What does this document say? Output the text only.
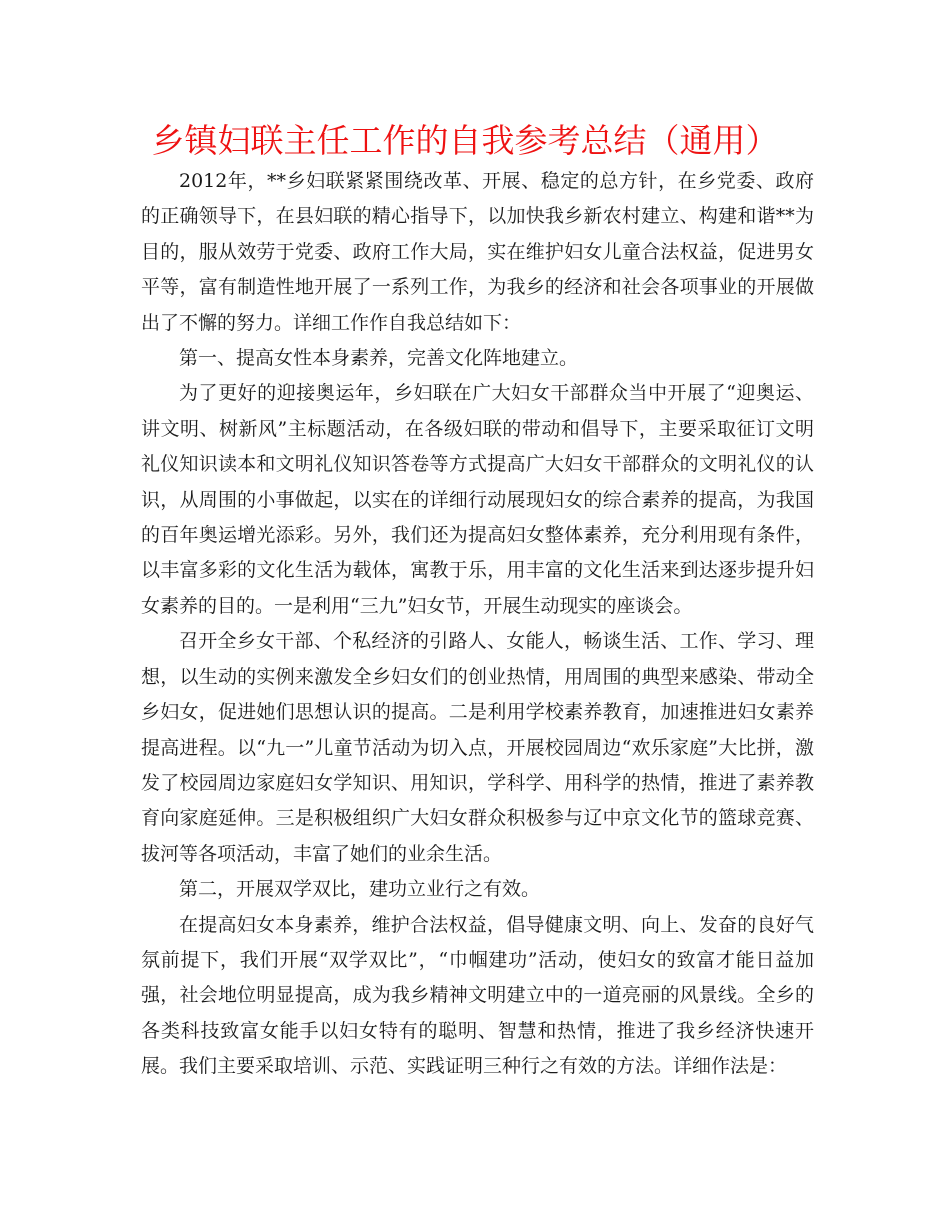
乡镇妇联主任工作的自我参考总结（通用）

2012年，**乡妇联紧紧围绕改革、开展、稳定的总方针，在乡党委、政府的正确领导下，在县妇联的精心指导下，以加快我乡新农村建立、构建和谐**为目的，服从效劳于党委、政府工作大局，实在维护妇女儿童合法权益，促进男女平等，富有制造性地开展了一系列工作，为我乡的经济和社会各项事业的开展做出了不懈的努力。详细工作作自我总结如下：

第一、提高女性本身素养，完善文化阵地建立。

为了更好的迎接奥运年，乡妇联在广大妇女干部群众当中开展了“迎奥运、讲文明、树新风”主标题活动，在各级妇联的带动和倡导下，主要采取征订文明礼仪知识读本和文明礼仪知识答卷等方式提高广大妇女干部群众的文明礼仪的认识，从周围的小事做起，以实在的详细行动展现妇女的综合素养的提高，为我国的百年奥运增光添彩。另外，我们还为提高妇女整体素养，充分利用现有条件，以丰富多彩的文化生活为载体，寓教于乐，用丰富的文化生活来到达逐步提升妇女素养的目的。一是利用“三九”妇女节，开展生动现实的座谈会。

召开全乡女干部、个私经济的引路人、女能人，畅谈生活、工作、学习、理想，以生动的实例来激发全乡妇女们的创业热情，用周围的典型来感染、带动全乡妇女，促进她们思想认识的提高。二是利用学校素养教育，加速推进妇女素养提高进程。以“九一”儿童节活动为切入点，开展校园周边“欢乐家庭”大比拼，激发了校园周边家庭妇女学知识、用知识，学科学、用科学的热情，推进了素养教育向家庭延伸。三是积极组织广大妇女群众积极参与辽中京文化节的篮球竞赛、拔河等各项活动，丰富了她们的业余生活。

第二，开展双学双比，建功立业行之有效。

在提高妇女本身素养，维护合法权益，倡导健康文明、向上、发奋的良好气氛前提下，我们开展“双学双比”，“巾帼建功”活动，使妇女的致富才能日益加强，社会地位明显提高，成为我乡精神文明建立中的一道亮丽的风景线。全乡的各类科技致富女能手以妇女特有的聪明、智慧和热情，推进了我乡经济快速开展。我们主要采取培训、示范、实践证明三种行之有效的方法。详细作法是：
